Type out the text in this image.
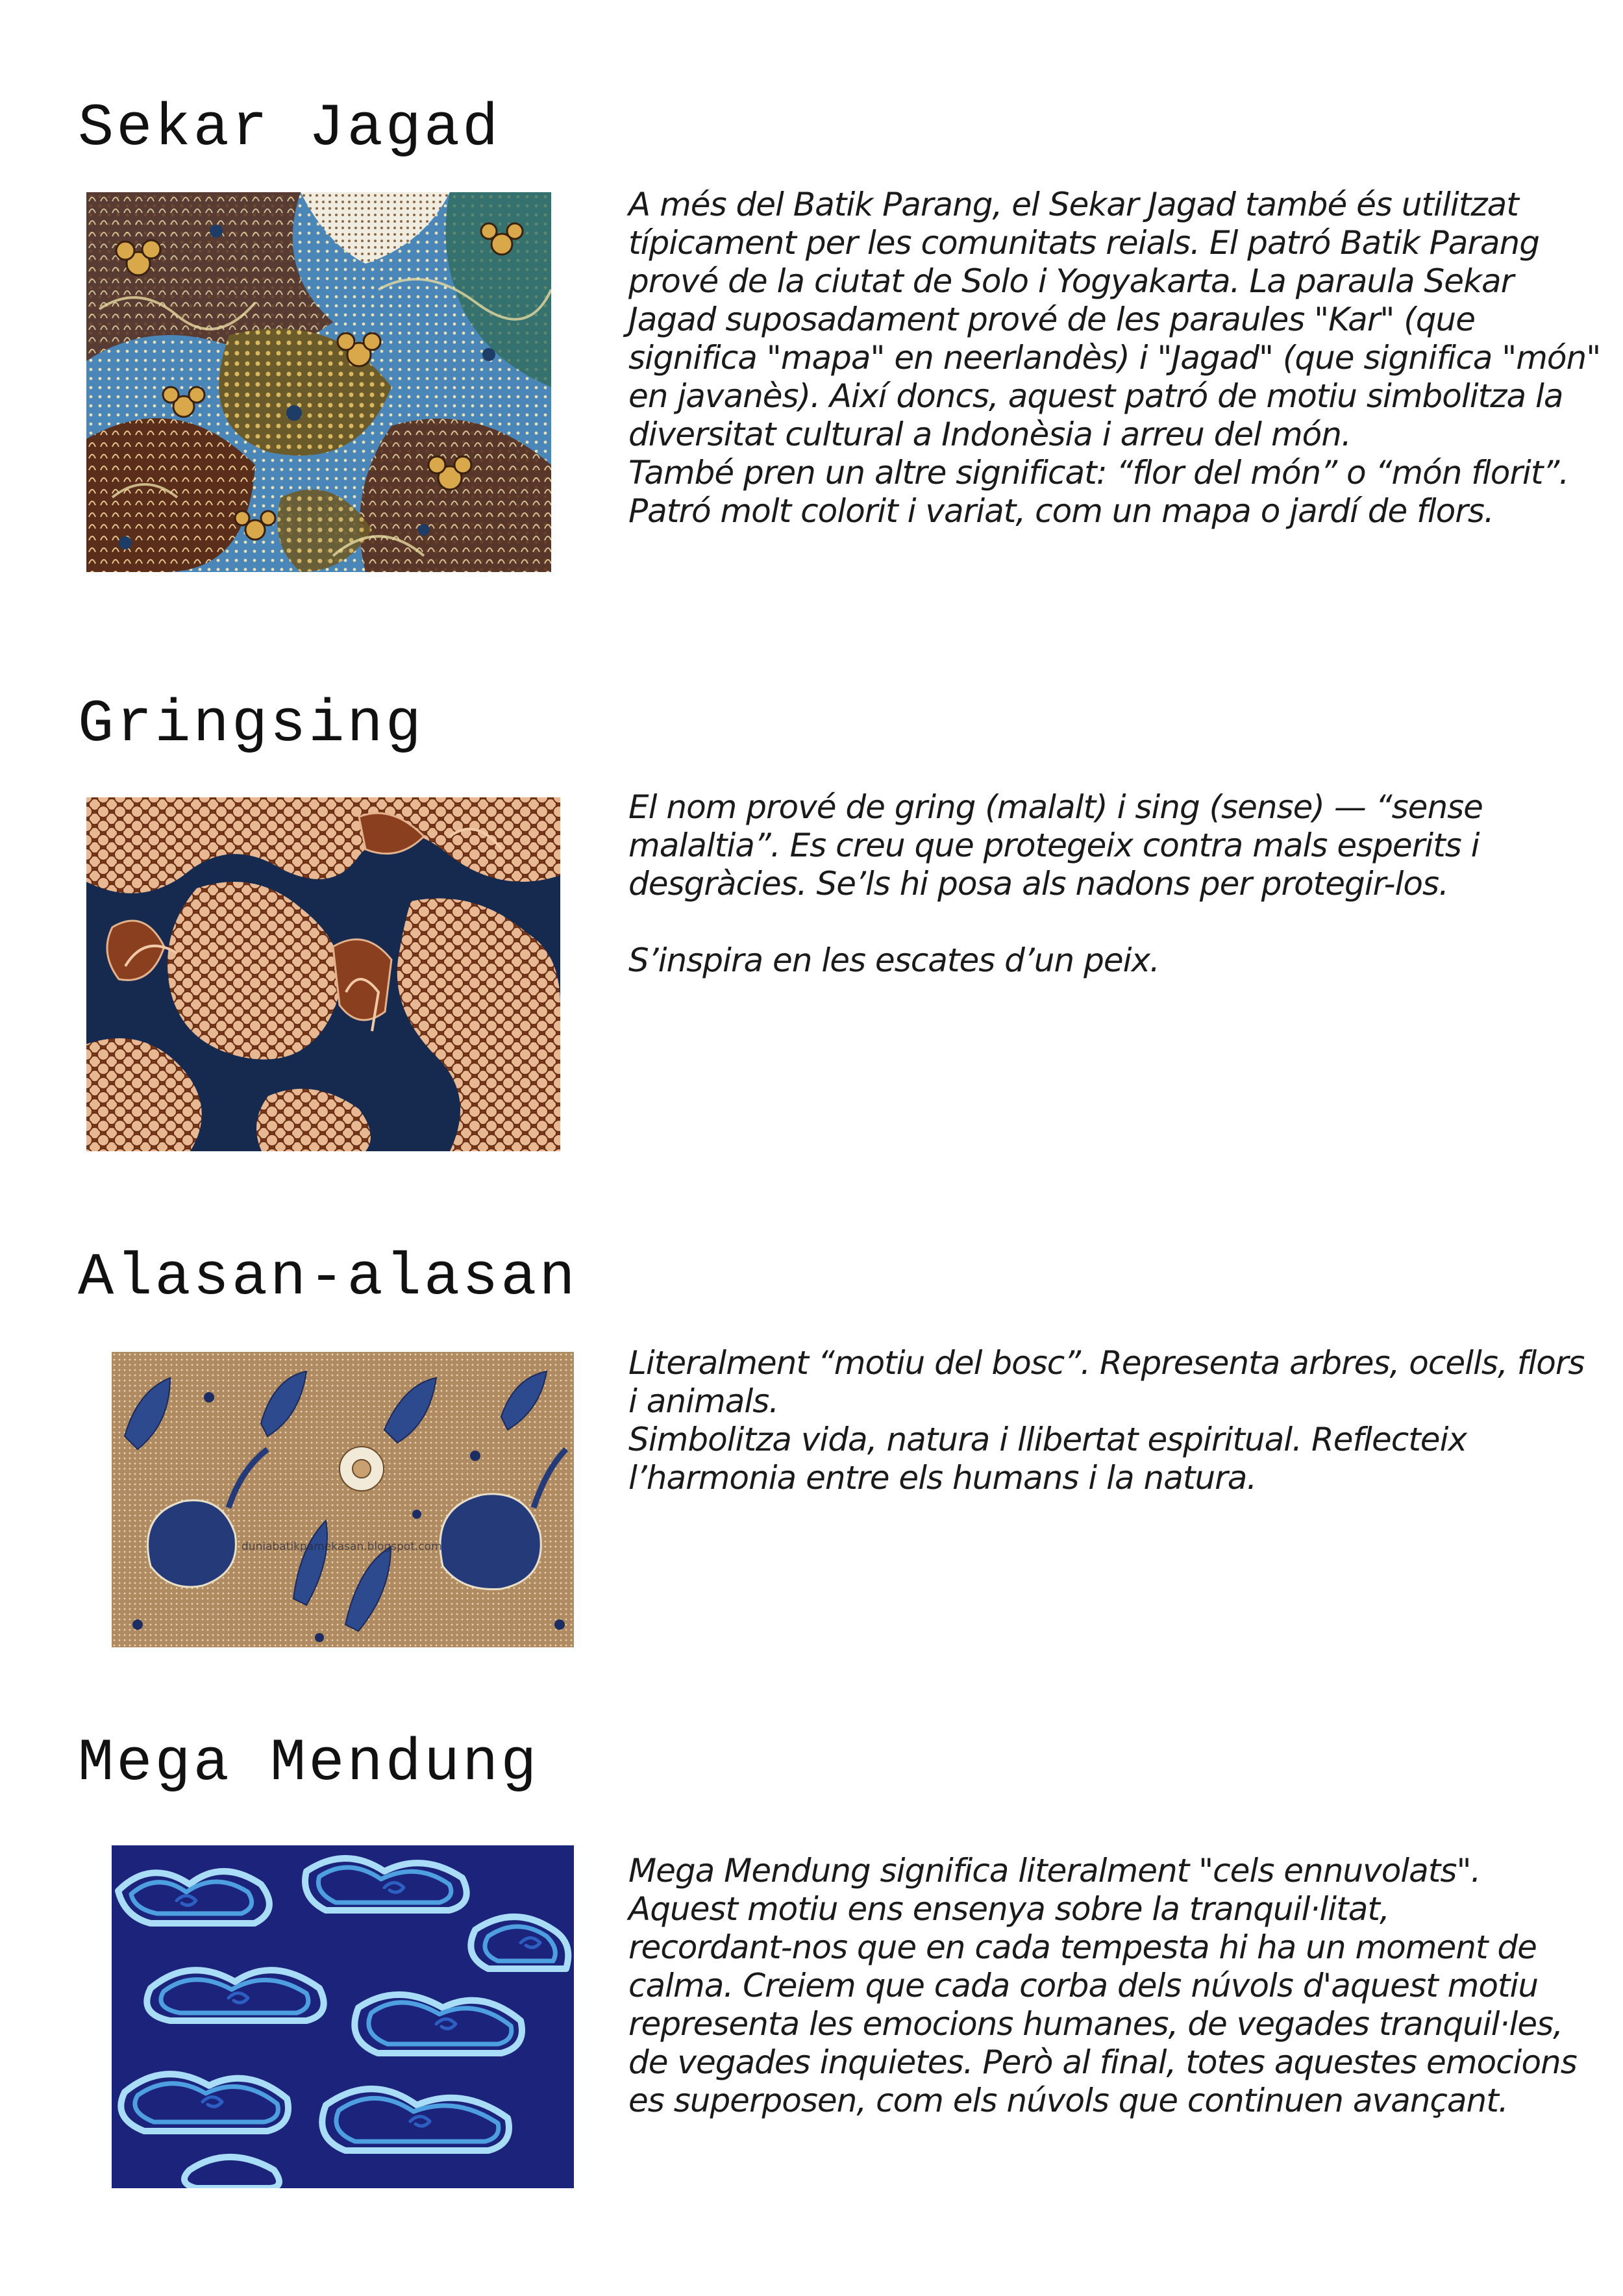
Sekar Jagad

A més del Batik Parang, el Sekar Jagad també és utilitzat
típicament per les comunitats reials. El patró Batik Parang
prové de la ciutat de Solo i Yogyakarta. La paraula Sekar
Jagad suposadament prové de les paraules "Kar" (que
significa "mapa" en neerlandès) i "Jagad" (que significa "món"
en javanès). Així doncs, aquest patró de motiu simbolitza la
diversitat cultural a Indonèsia i arreu del món.
També pren un altre significat: “flor del món” o “món florit”.
Patró molt colorit i variat, com un mapa o jardí de flors.

Gringsing

El nom prové de gring (malalt) i sing (sense) — “sense
malaltia”. Es creu que protegeix contra mals esperits i
desgràcies. Se’ls hi posa als nadons per protegir-los.
S’inspira en les escates d’un peix.

Alasan-alasan
duniabatikpamekasan.blogspot.com

Literalment “motiu del bosc”. Representa arbres, ocells, flors
i animals.
Simbolitza vida, natura i llibertat espiritual. Reflecteix
l’harmonia entre els humans i la natura.

Mega Mendung

Mega Mendung significa literalment "cels ennuvolats".
Aquest motiu ens ensenya sobre la tranquil·litat,
recordant-nos que en cada tempesta hi ha un moment de
calma. Creiem que cada corba dels núvols d'aquest motiu
representa les emocions humanes, de vegades tranquil·les,
de vegades inquietes. Però al final, totes aquestes emocions
es superposen, com els núvols que continuen avançant.
